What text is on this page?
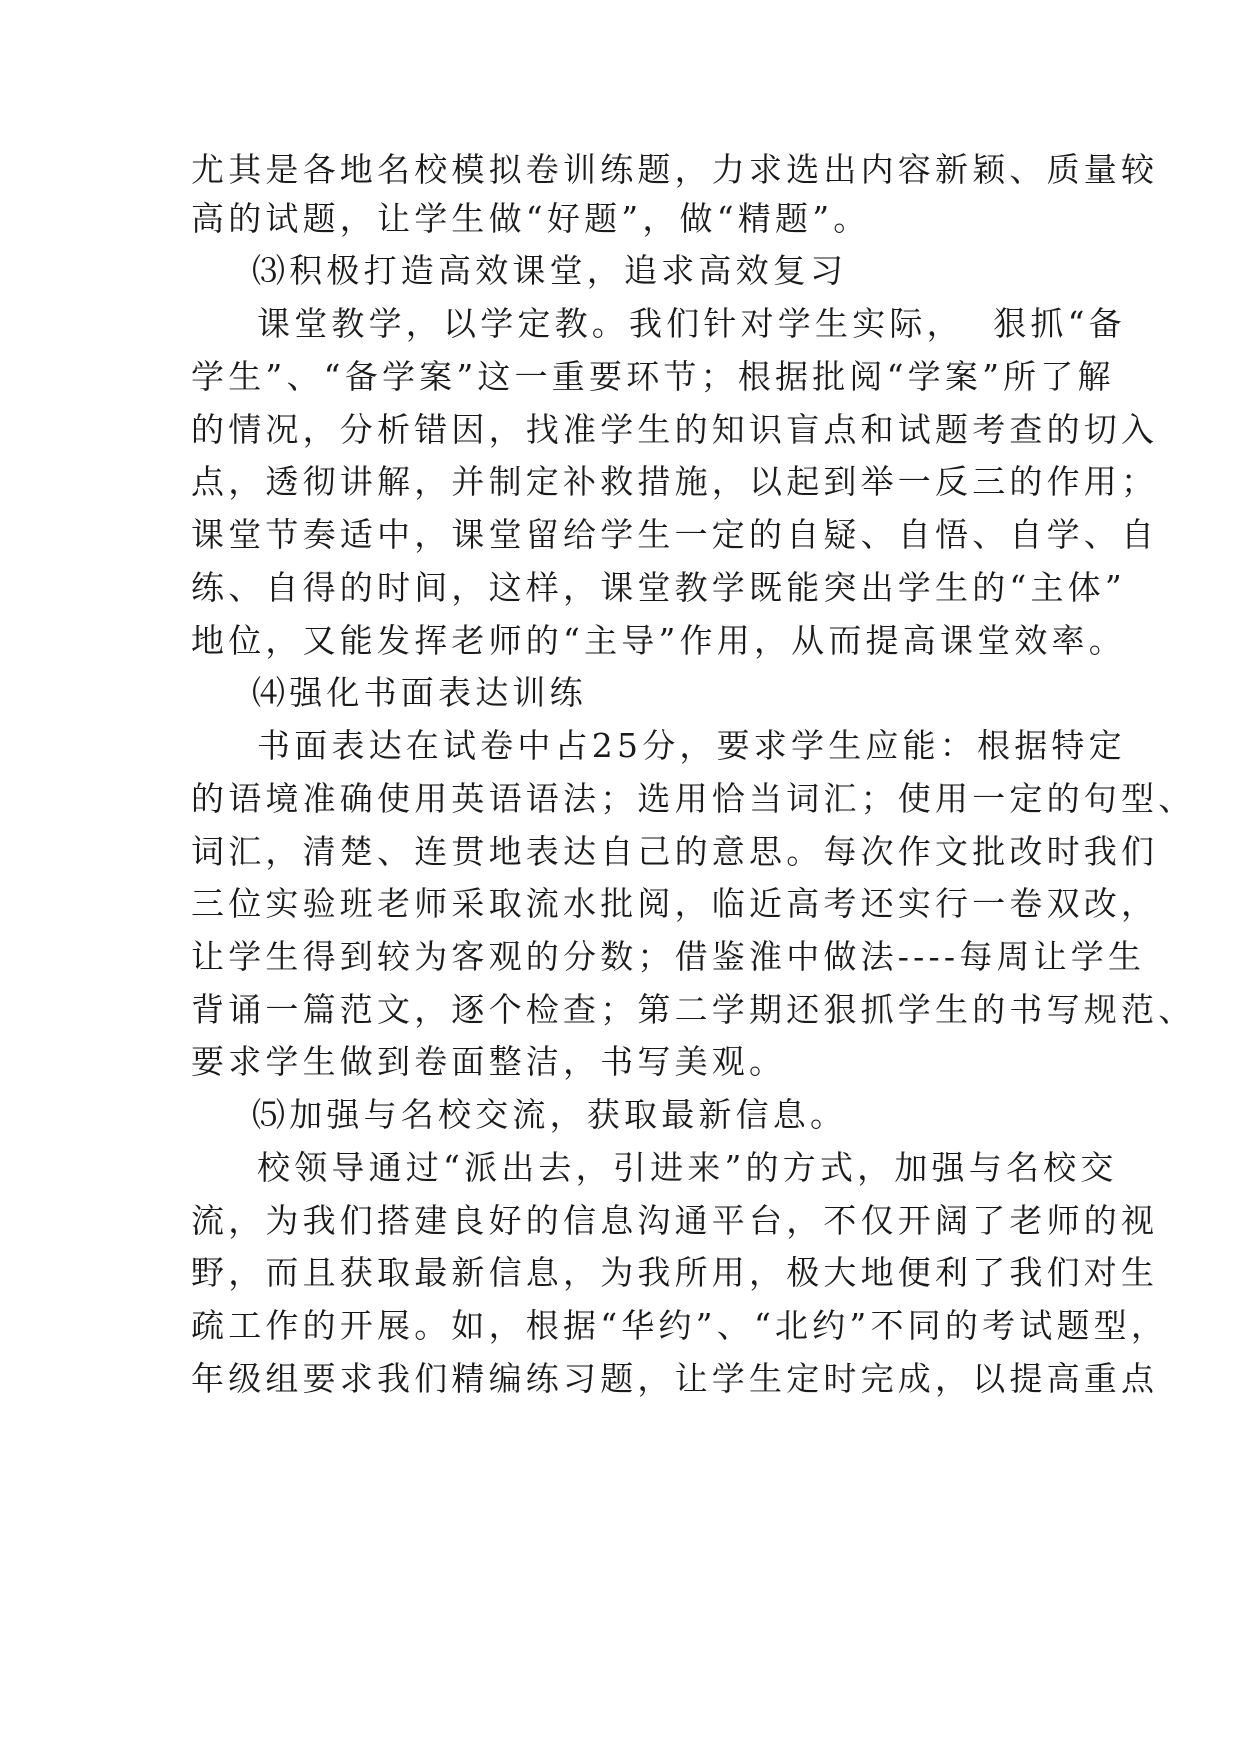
尤其是各地名校模拟卷训练题，力求选出内容新颖、质量较
高的试题，让学生做“好题”，做“精题”。
⑶积极打造高效课堂，追求高效复习
课堂教学，以学定教。我们针对学生实际，  狠抓“备
学生”、“备学案”这一重要环节；根据批阅“学案”所了解
的情况，分析错因，找准学生的知识盲点和试题考查的切入
点，透彻讲解，并制定补救措施，以起到举一反三的作用；
课堂节奏适中，课堂留给学生一定的自疑、自悟、自学、自
练、自得的时间，这样，课堂教学既能突出学生的“主体”
地位，又能发挥老师的“主导”作用，从而提高课堂效率。
⑷强化书面表达训练
书面表达在试卷中占25分，要求学生应能：根据特定
的语境准确使用英语语法；选用恰当词汇；使用一定的句型、
词汇，清楚、连贯地表达自己的意思。每次作文批改时我们
三位实验班老师采取流水批阅，临近高考还实行一卷双改，
让学生得到较为客观的分数；借鉴淮中做法----每周让学生
背诵一篇范文，逐个检查；第二学期还狠抓学生的书写规范、
要求学生做到卷面整洁，书写美观。
⑸加强与名校交流，获取最新信息。
校领导通过“派出去，引进来”的方式，加强与名校交
流，为我们搭建良好的信息沟通平台，不仅开阔了老师的视
野，而且获取最新信息，为我所用，极大地便利了我们对生
疏工作的开展。如，根据“华约”、“北约”不同的考试题型，
年级组要求我们精编练习题，让学生定时完成，以提高重点
